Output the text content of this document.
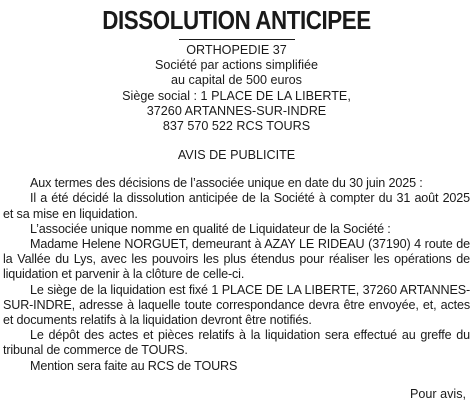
DISSOLUTION ANTICIPEE
ORTHOPEDIE 37
Société par actions simplifiée
au capital de 500 euros
Siège social : 1 PLACE DE LA LIBERTE,
37260 ARTANNES-SUR-INDRE
837 570 522 RCS TOURS
AVIS DE PUBLICITE

Aux termes des décisions de l’associée unique en date du 30 juin 2025 :

Il a été décidé la dissolution anticipée de la Société à compter du 31 août 2025 et sa mise en liquidation.

L’associée unique nomme en qualité de Liquidateur de la Société :

Madame Helene NORGUET, demeurant à AZAY LE RIDEAU (37190) 4 route de la Vallée du Lys, avec les pouvoirs les plus étendus pour réaliser les opérations de liquidation et parvenir à la clôture de celle-ci.

Le siège de la liquidation est fixé 1 PLACE DE LA LIBERTE, 37260 ARTANNES-SUR-INDRE, adresse à laquelle toute correspondance devra être envoyée, et, actes et documents relatifs à la liquidation devront être notifiés.

Le dépôt des actes et pièces relatifs à la liquidation sera effectué au greffe du tribunal de commerce de TOURS.

Mention sera faite au RCS de TOURS

Pour avis,
